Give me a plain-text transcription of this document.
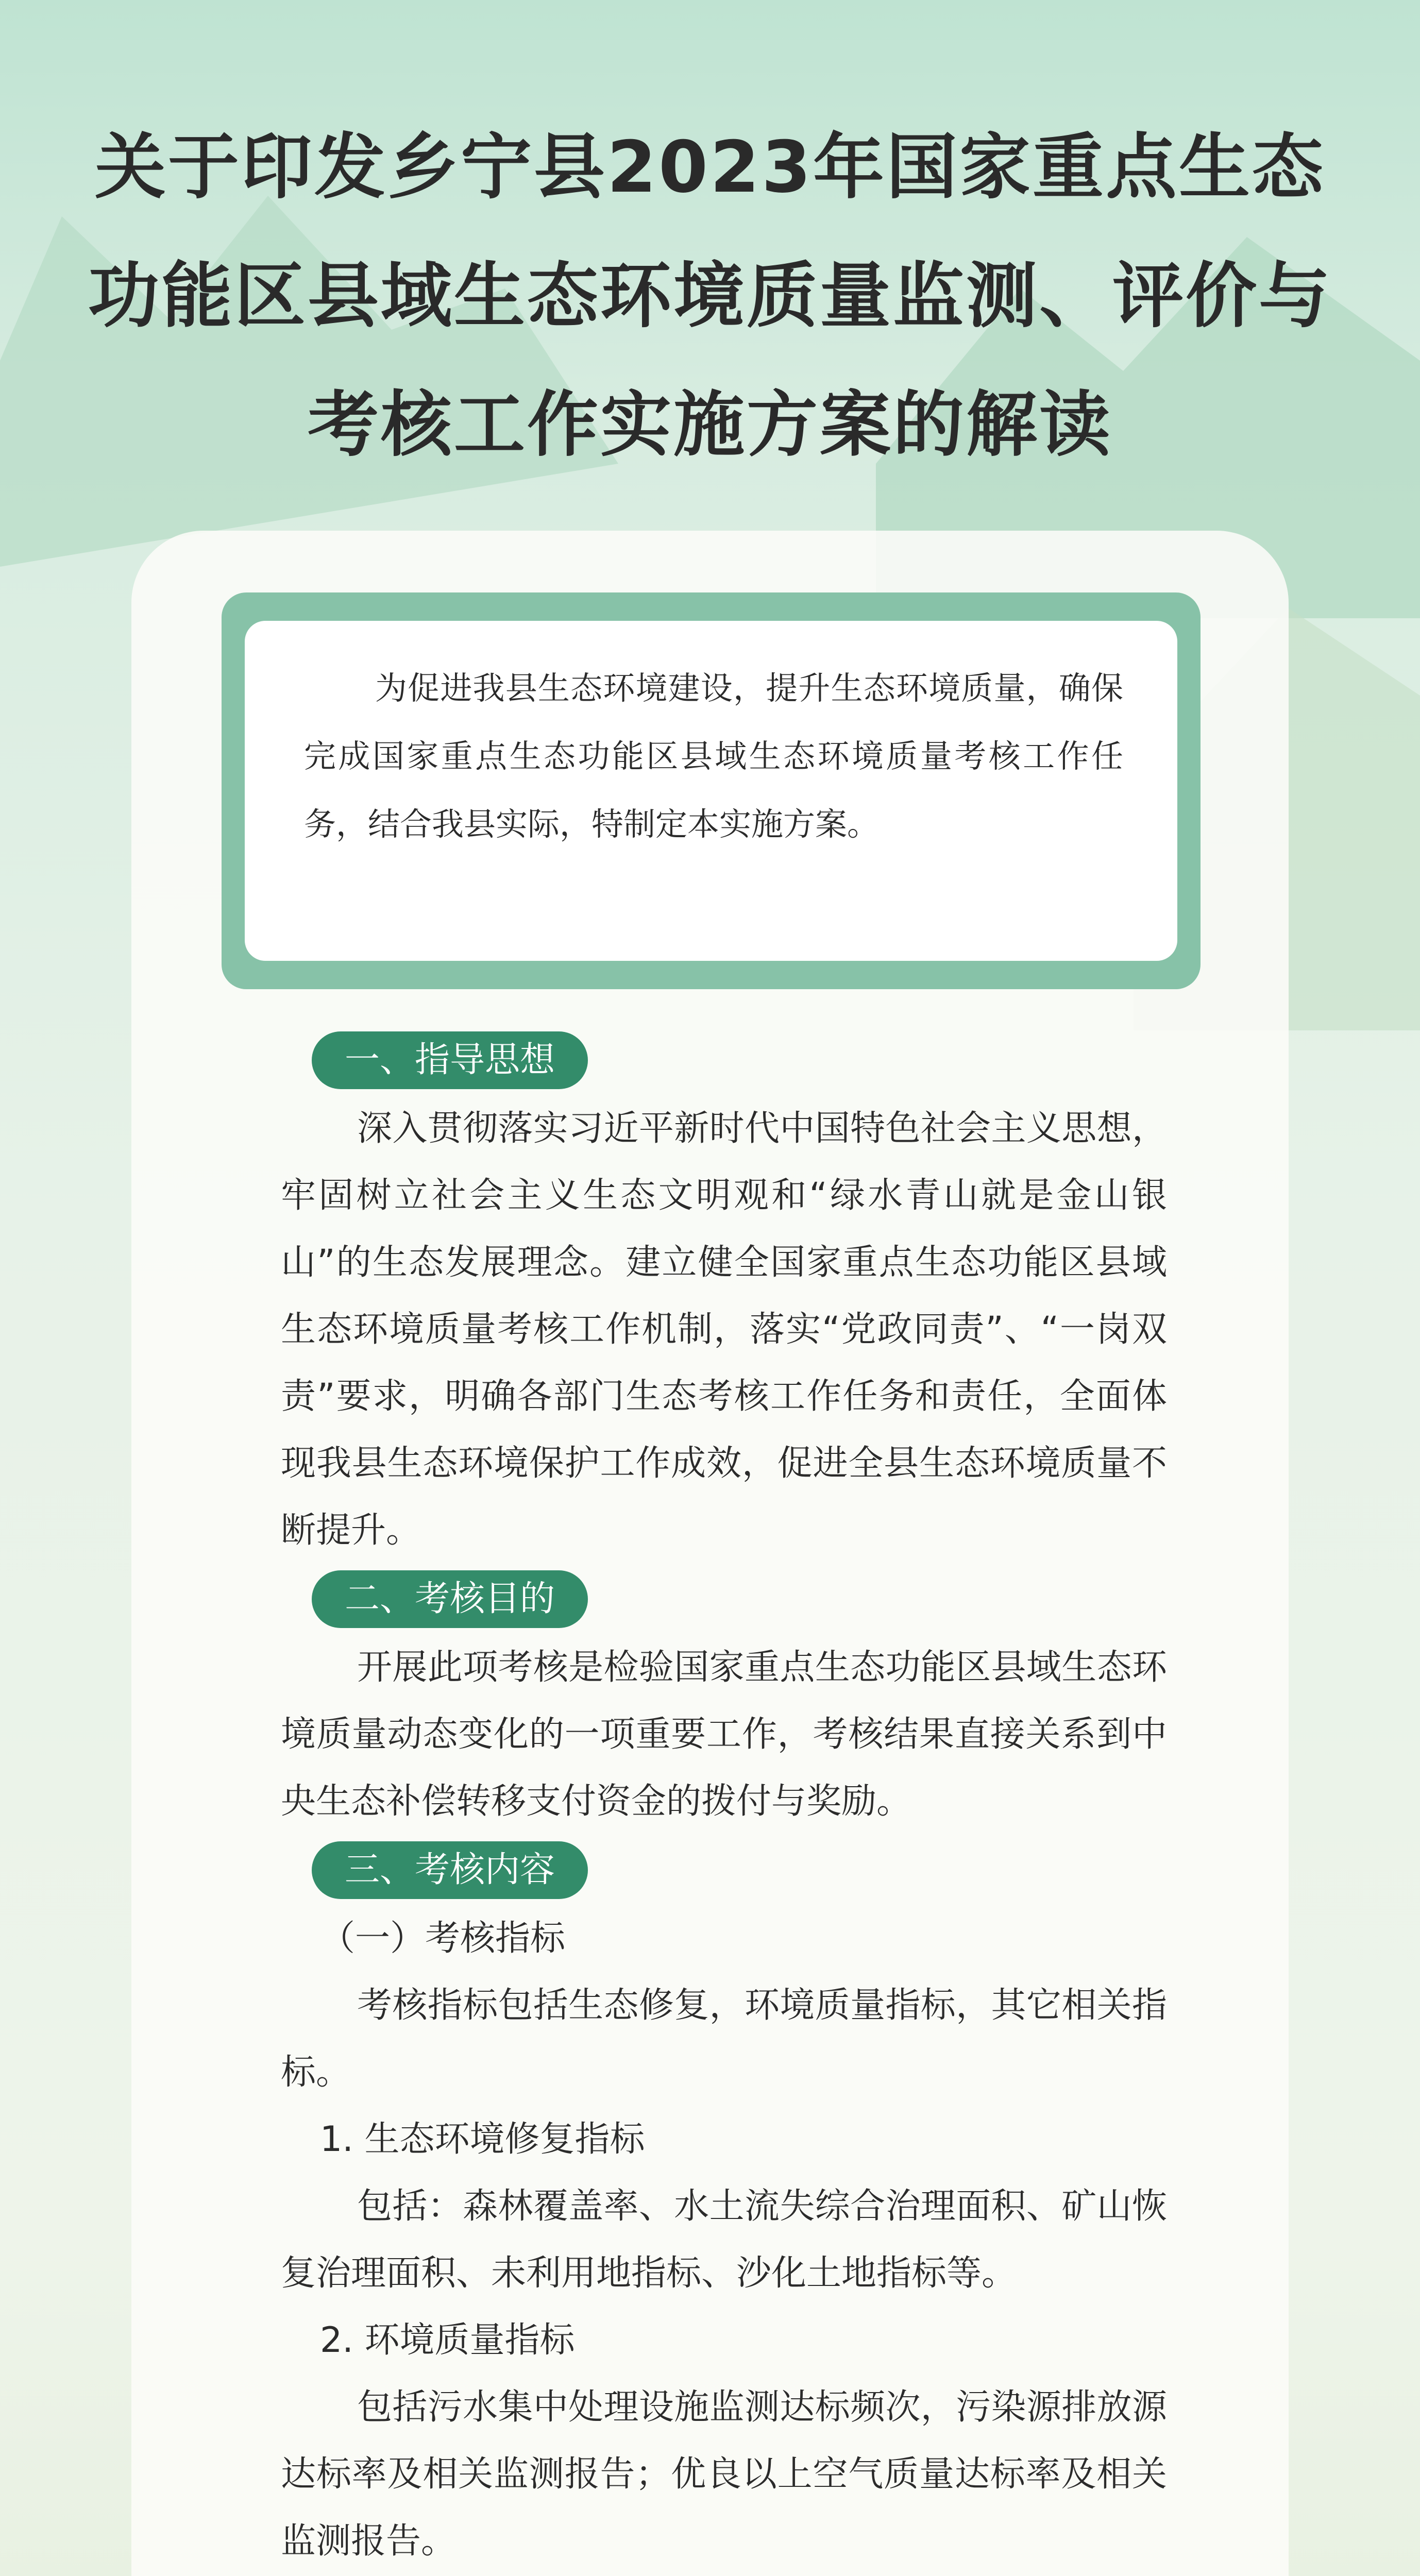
关于印发乡宁县2023年国家重点生态
功能区县域生态环境质量监测、评价与
考核工作实施方案的解读
为促进我县生态环境建设，提升生态环境质量，确保完成国家重点生态功能区县域生态环境质量考核工作任务，结合我县实际，特制定本实施方案。
一、指导思想

深入贯彻落实习近平新时代中国特色社会主义思想，牢固树立社会主义生态文明观和“绿水青山就是金山银山”的生态发展理念。建立健全国家重点生态功能区县域生态环境质量考核工作机制，落实“党政同责”、“一岗双责”要求，明确各部门生态考核工作任务和责任，全面体现我县生态环境保护工作成效，促进全县生态环境质量不断提升。

二、考核目的

开展此项考核是检验国家重点生态功能区县域生态环境质量动态变化的一项重要工作，考核结果直接关系到中央生态补偿转移支付资金的拨付与奖励。

三、考核内容

（一）考核指标

考核指标包括生态修复，环境质量指标，其它相关指标。

1. 生态环境修复指标

包括：森林覆盖率、水土流失综合治理面积、矿山恢复治理面积、未利用地指标、沙化土地指标等。

2. 环境质量指标

包括污水集中处理设施监测达标频次，污染源排放源达标率及相关监测报告；优良以上空气质量达标率及相关监测报告。
